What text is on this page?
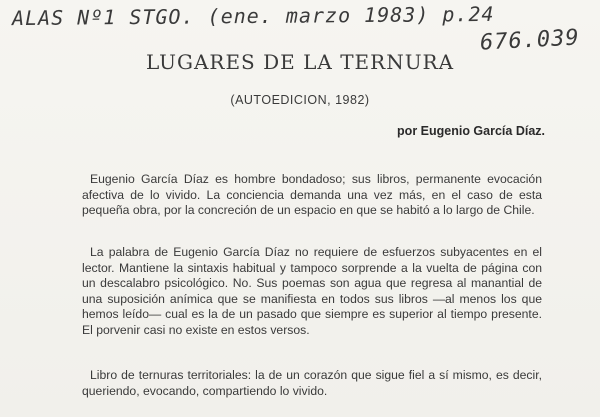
ALAS Nº1 STGO. (ene. marzo 1983) p.24
676.039
LUGARES DE LA TERNURA
(AUTOEDICION, 1982)
por Eugenio García Díaz.

Eugenio García Díaz es hombre bondadoso; sus libros, permanente evocación afectiva de lo vivido. La conciencia demanda una vez más, en el caso de esta pequeña obra, por la concreción de un espacio en que se habitó a lo largo de Chile.

La palabra de Eugenio García Díaz no requiere de esfuerzos subyacentes en el lector. Mantiene la sintaxis habitual y tampoco sorprende a la vuelta de página con un descalabro psicológico. No. Sus poemas son agua que regresa al manantial de una suposición anímica que se manifiesta en todos sus libros —al menos los que hemos leído— cual es la de un pasado que siempre es superior al tiempo presente. El porvenir casi no existe en estos versos.

Libro de ternuras territoriales: la de un corazón que sigue fiel a sí mismo, es decir, queriendo, evocando, compartiendo lo vivido.
